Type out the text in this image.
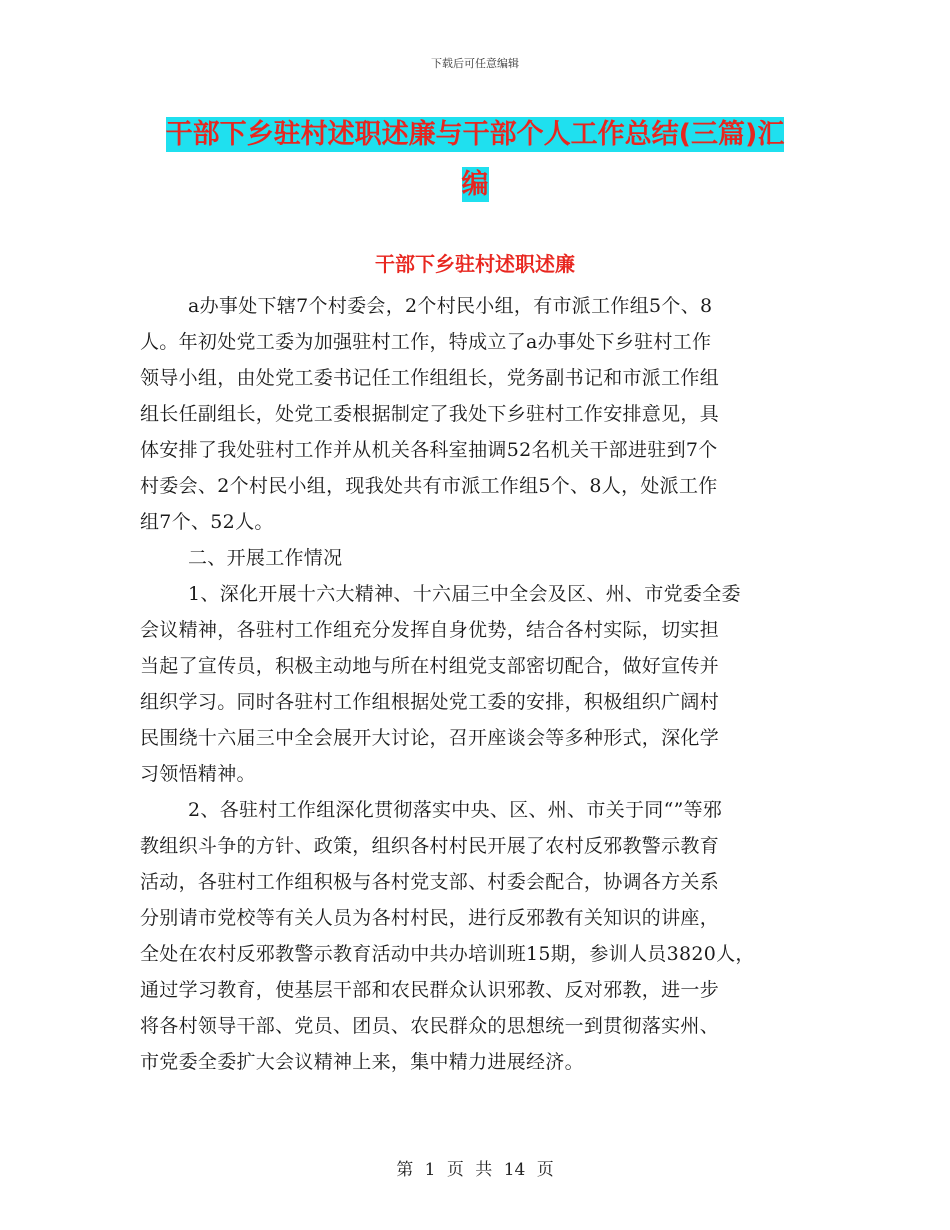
下载后可任意编辑
干部下乡驻村述职述廉与干部个人工作总结(三篇)汇
编
干部下乡驻村述职述廉
a办事处下辖7个村委会，2个村民小组，有市派工作组5个、8
人。年初处党工委为加强驻村工作，特成立了a办事处下乡驻村工作
领导小组，由处党工委书记任工作组组长，党务副书记和市派工作组
组长任副组长，处党工委根据制定了我处下乡驻村工作安排意见，具
体安排了我处驻村工作并从机关各科室抽调52名机关干部进驻到7个
村委会、2个村民小组，现我处共有市派工作组5个、8人，处派工作
组7个、52人。
二、开展工作情况
1、深化开展十六大精神、十六届三中全会及区、州、市党委全委
会议精神，各驻村工作组充分发挥自身优势，结合各村实际，切实担
当起了宣传员，积极主动地与所在村组党支部密切配合，做好宣传并
组织学习。同时各驻村工作组根据处党工委的安排，积极组织广阔村
民围绕十六届三中全会展开大讨论，召开座谈会等多种形式，深化学
习领悟精神。
2、各驻村工作组深化贯彻落实中央、区、州、市关于同“”等邪
教组织斗争的方针、政策，组织各村村民开展了农村反邪教警示教育
活动，各驻村工作组积极与各村党支部、村委会配合，协调各方关系
分别请市党校等有关人员为各村村民，进行反邪教有关知识的讲座，
全处在农村反邪教警示教育活动中共办培训班15期，参训人员3820人，
通过学习教育，使基层干部和农民群众认识邪教、反对邪教，进一步
将各村领导干部、党员、团员、农民群众的思想统一到贯彻落实州、
市党委全委扩大会议精神上来，集中精力进展经济。
第 1 页 共 14 页
